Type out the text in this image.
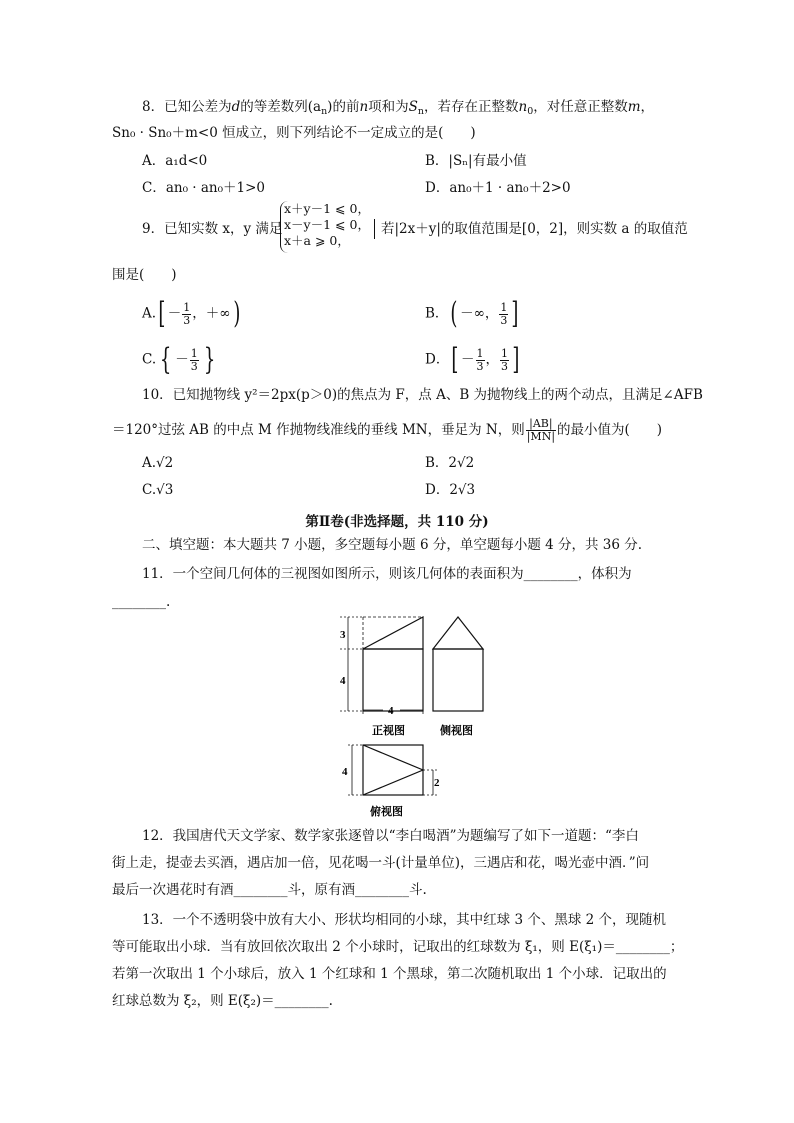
8．已知公差为d的等差数列$(a_n)$的前n项和为$S_n$，若存在正整数$n_0$，对任意正整数m，
Sn₀ · Sn₀＋m<0 恒成立，则下列结论不一定成立的是(　　)
A．a₁d<0	B．|Sₙ|有最小值
C．an₀ · an₀＋1>0	D．an₀＋1 · an₀＋2>0
9．已知实数 x，y 满足
x＋y－1 ⩽ 0，
x－y－1 ⩽ 0，
x＋a ⩾ 0，
若|2x＋y|的取值范围是[0，2]，则实数 a 的取值范
围是(　　)
$A.[ - \frac{1}{3}$ ，＋∞)	B．( －∞， $\frac{1}{3}$ ]
C. { － $\frac{1}{3}$ }	D．[ － $\frac{1}{3}$ ， $\frac{1}{3}$ ]
10．已知抛物线 y²＝2px(p＞0)的焦点为 F，点 A、B 为抛物线上的两个动点，且满足∠AFB
＝120°过弦 AB 的中点 M 作抛物线准线的垂线 MN，垂足为 N，则 $\frac{|AB|}{|MN|}$ 的最小值为(　　)
A.√2	B．2√2
C.√3	D．2√3
第Ⅱ卷(非选择题，共 110 分)
二、填空题：本大题共 7 小题，多空题每小题 6 分，单空题每小题 4 分，共 36 分.
11．一个空间几何体的三视图如图所示，则该几何体的表面积为________，体积为
________.
3
4
4
正视图	侧视图
4
2
俯视图
12．我国唐代天文学家、数学家张逐曾以“李白喝酒”为题编写了如下一道题：“李白
街上走，提壶去买酒，遇店加一倍，见花喝一斗(计量单位)，三遇店和花，喝光壶中酒．”问
最后一次遇花时有酒________斗，原有酒________斗.
13．一个不透明袋中放有大小、形状均相同的小球，其中红球 3 个、黑球 2 个，现随机
等可能取出小球．当有放回依次取出 2 个小球时，记取出的红球数为 ξ₁，则 E(ξ₁)＝________；
若第一次取出 1 个小球后，放入 1 个红球和 1 个黑球，第二次随机取出 1 个小球．记取出的
红球总数为 ξ₂，则 E(ξ₂)＝________.
